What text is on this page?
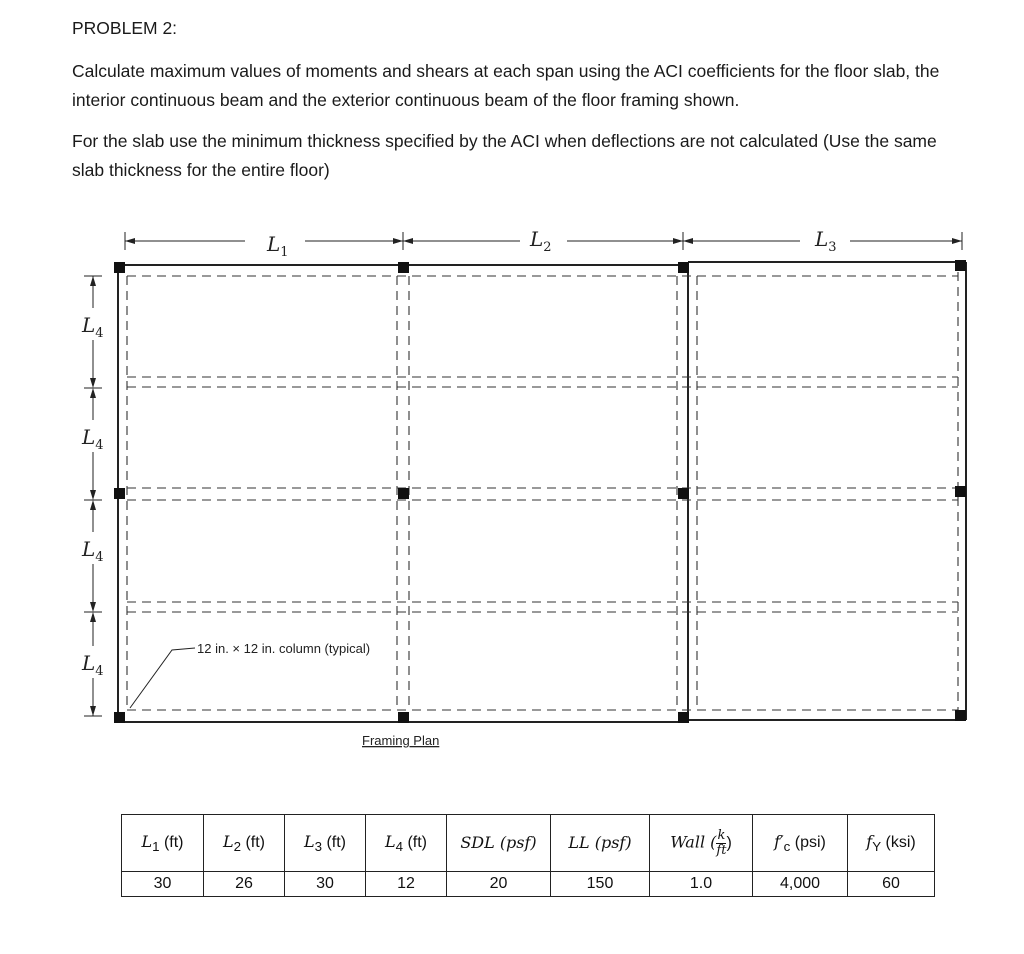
PROBLEM 2:

Calculate maximum values of moments and shears at each span using the ACI coefficients for the floor slab, the interior continuous beam and the exterior continuous beam of the floor framing shown.

For the slab use the minimum thickness specified by the ACI when deflections are not calculated (Use the same slab thickness for the entire floor)

$L_1$
$L_2$	$L_3$
$L_4$
$L_4$
$L_4$
$L_4$
12 in. × 12 in. column (typical)
Framing Plan
$L_1$ (ft)	$L_2$ (ft)	$L_3$ (ft)	$L_4$ (ft)	SDL (psf)	LL (psf)	Wall ( $\frac{k}{ft}$ )	$f'_c$ (psi)	$f_Y$ (ksi)
30	26	30	12	20	150	1.0	4,000	60
